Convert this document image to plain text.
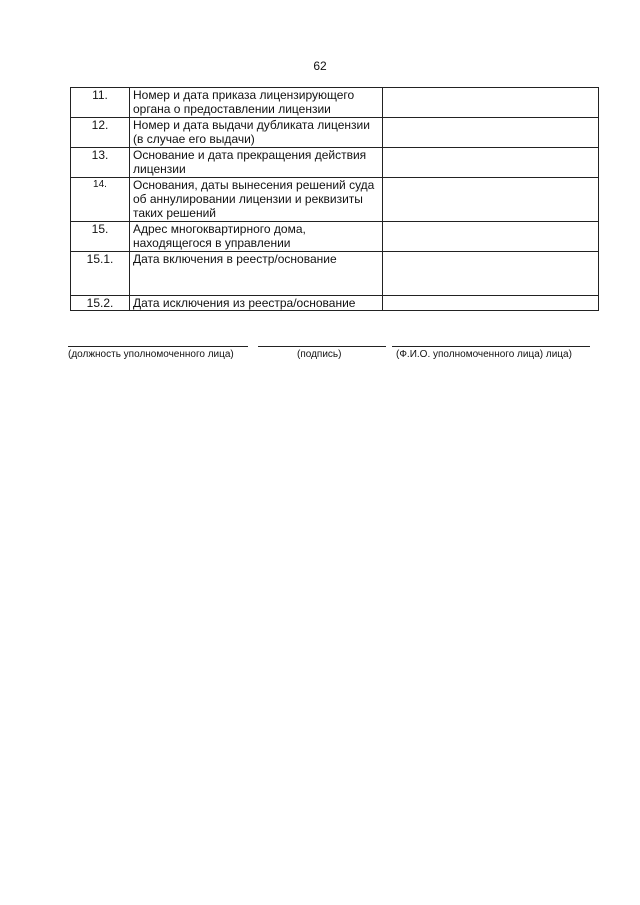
62
11.	Номер и дата приказа лицензирующего органа о предоставлении лицензии	
12.	Номер и дата выдачи дубликата лицензии (в случае его выдачи)	
13.	Основание и дата прекращения действия лицензии	
14.	Основания, даты вынесения решений суда об аннулировании лицензии и реквизиты таких решений	
15.	Адрес многоквартирного дома, находящегося в управлении	
15.1.	Дата включения в реестр/основание	
15.2.	Дата исключения из реестра/основание	
(должность уполномоченного лица)	(подпись)	(Ф.И.О. уполномоченного лица) лица)
